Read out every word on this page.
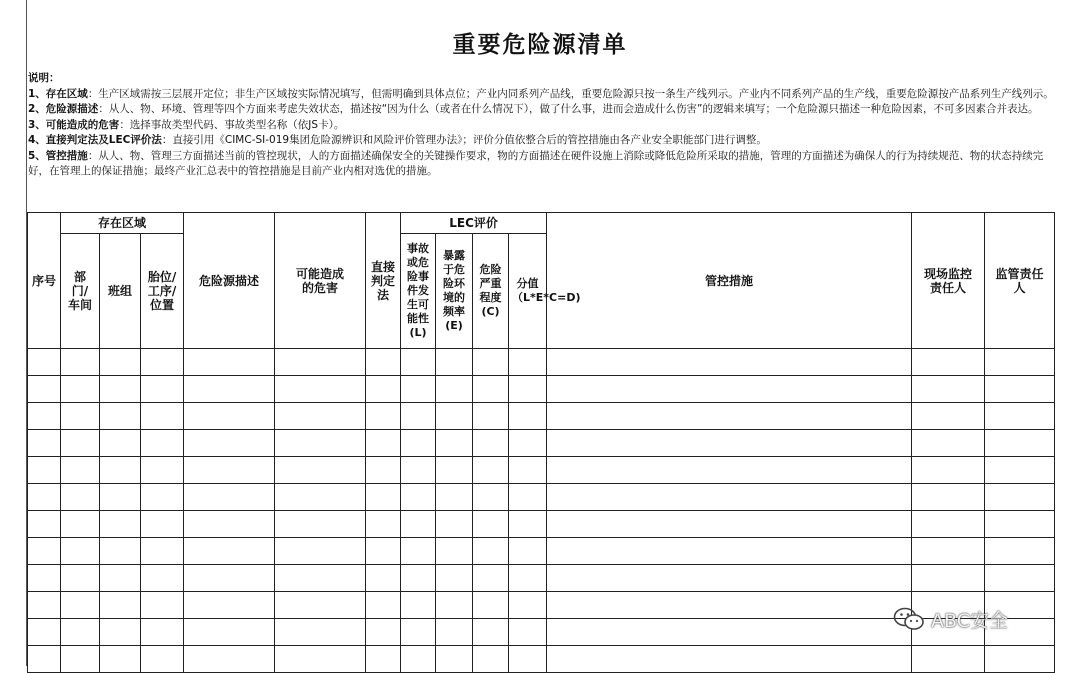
重要危险源清单

说明：

1、存在区域：生产区域需按三层展开定位；非生产区域按实际情况填写，但需明确到具体点位；产业内同系列产品线，重要危险源只按一条生产线列示。产业内不同系列产品的生产线，重要危险源按产品系列生产线列示。

2、危险源描述：从人、物、环境、管理等四个方面来考虑失效状态，描述按“因为什么（或者在什么情况下），做了什么事，进而会造成什么伤害”的逻辑来填写；一个危险源只描述一种危险因素，不可多因素合并表达。

3、可能造成的危害：选择事故类型代码、事故类型名称（依JS卡）。

4、直接判定法及LEC评价法：直接引用《CIMC-SI-019集团危险源辨识和风险评价管理办法》；评价分值依整合后的管控措施由各产业安全职能部门进行调整。

5、管控措施：从人、物、管理三方面描述当前的管控现状，人的方面描述确保安全的关键操作要求，物的方面描述在硬件设施上消除或降低危险所采取的措施，管理的方面描述为确保人的行为持续规范、物的状态持续完好，在管理上的保证措施；最终产业汇总表中的管控措施是目前产业内相对选优的措施。

序号	存在区域			危险源描述	可能造成的危害	直接判定法	LEC评价				管控措施	现场监控责任人	监管责任人
	部门/车间	班组	胎位/工序/位置				事故或危险事件发生可能性(L)	暴露于危险环境的频率(E)	危险严重程度(C)	分值（L*E*C=D)			

ABC安全
